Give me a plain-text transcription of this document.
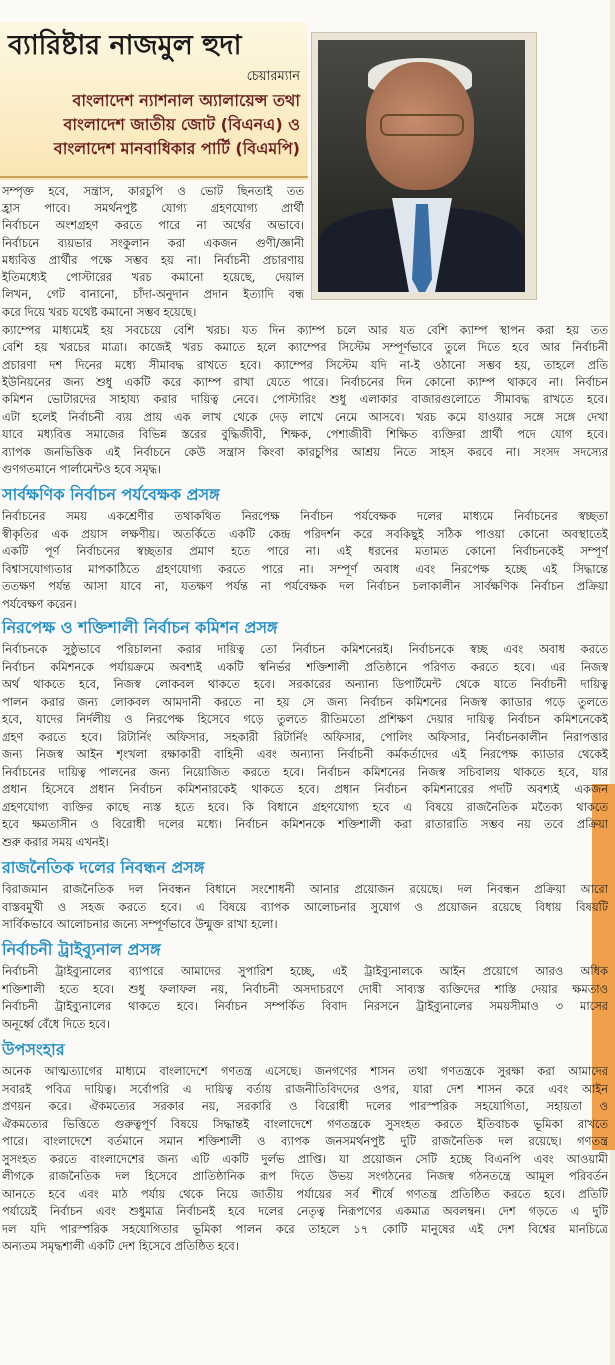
ব্যারিষ্টার নাজমুল হুদা
চেয়ারম্যান
বাংলাদেশ ন্যাশনাল অ্যালায়েন্স তথা
বাংলাদেশ জাতীয় জোট (বিএনএ) ও
বাংলাদেশ মানবাধিকার পার্টি (বিএমপি)
সম্পৃক্ত হবে, সন্ত্রাস, কারচুপি ও ভোট ছিনতাই তত
হ্রাস পাবে। সমর্থনপুষ্ট যোগ্য গ্রহণযোগ্য প্রার্থী
নির্বাচনে অংশগ্রহণ করতে পারে না অর্থের অভাবে।
নির্বাচনে ব্যয়ভার সংকুলান করা একজন গুণী/জ্ঞানী
মধ্যবিত্ত প্রার্থীর পক্ষে সম্ভব হয় না। নির্বাচনী প্রচারণায়
ইতিমধ্যেই পোস্টারের খরচ কমানো হয়েছে, দেয়াল
লিখন, গেট বানানো, চাঁদা-অনুদান প্রদান ইত্যাদি বন্ধ
করে দিয়ে খরচ যথেষ্ট কমানো সম্ভব হয়েছে।
ক্যাম্পের মাধ্যমেই হয় সবচেয়ে বেশি খরচ। যত দিন ক্যাম্প চলে আর যত বেশি ক্যাম্প স্থাপন করা হয় তত
বেশি হয় খরচের মাত্রা। কাজেই খরচ কমাতে হলে ক্যাম্পের সিস্টেম সম্পূর্ণভাবে তুলে দিতে হবে আর নির্বাচনী
প্রচারণা দশ দিনের মধ্যে সীমাবদ্ধ রাখতে হবে। ক্যাম্পের সিস্টেম যদি না-ই ওঠানো সম্ভব হয়, তাহলে প্রতি
ইউনিয়নের জন্য শুধু একটি করে ক্যাম্প রাখা যেতে পারে। নির্বাচনের দিন কোনো ক্যাম্প থাকবে না। নির্বাচন
কমিশন ভোটারদের সাহায্য করার দায়িত্ব নেবে। পোস্টারিং শুধু এলাকার বাজারগুলোতে সীমাবদ্ধ রাখতে হবে।
এটা হলেই নির্বাচনী ব্যয় প্রায় এক লাখ থেকে দেড় লাখে নেমে আসবে। খরচ কমে যাওয়ার সঙ্গে সঙ্গে দেখা
যাবে মধ্যবিত্ত সমাজের বিভিন্ন স্তরের বুদ্ধিজীবী, শিক্ষক, পেশাজীবী শিক্ষিত ব্যক্তিরা প্রার্থী পদে যোগ হবে।
ব্যাপক জনভিত্তিক এই নির্বাচনে কেউ সন্ত্রাস কিংবা কারচুপির আশ্রয় নিতে সাহস করবে না। সংসদ সদস্যের
গুণগতমানে পার্লামেন্টও হবে সমৃদ্ধ।
সার্বক্ষণিক নির্বাচন পর্যবেক্ষক প্রসঙ্গ
নির্বাচনের সময় একশ্রেণীর তথাকথিত নিরপেক্ষ নির্বাচন পর্যবেক্ষক দলের মাধ্যমে নির্বাচনের স্বচ্ছতা
স্বীকৃতির এক প্রয়াস লক্ষণীয়। অতর্কিতে একটি কেন্দ্র পরিদর্শন করে সবকিছুই সঠিক পাওয়া কোনো অবস্থাতেই
একটি পূর্ণ নির্বাচনের স্বচ্ছতার প্রমাণ হতে পারে না। এই ধরনের মতামত কোনো নির্বাচনকেই সম্পূর্ণ
বিশ্বাসযোগ্যতার মাপকাঠিতে গ্রহণযোগ্য করতে পারে না। সম্পূর্ণ অবাধ এবং নিরপেক্ষ হচ্ছে এই সিদ্ধান্তে
ততক্ষণ পর্যন্ত আসা যাবে না, যতক্ষণ পর্যন্ত না পর্যবেক্ষক দল নির্বাচন চলাকালীন সার্বক্ষণিক নির্বাচন প্রক্রিয়া
পর্যবেক্ষণ করেন।
নিরপেক্ষ ও শক্তিশালী নির্বাচন কমিশন প্রসঙ্গ
নির্বাচনকে সুষ্ঠুভাবে পরিচালনা করার দায়িত্ব তো নির্বাচন কমিশনেরই। নির্বাচনকে স্বচ্ছ এবং অবাধ করতে
নির্বাচন কমিশনকে পর্যায়ক্রমে অবশ্যই একটি স্বনির্ভর শক্তিশালী প্রতিষ্ঠানে পরিণত করতে হবে। এর নিজস্ব
অর্থ থাকতে হবে, নিজস্ব লোকবল থাকতে হবে। সরকারের অন্যান্য ডিপার্টমেন্ট থেকে যাতে নির্বাচনী দায়িত্ব
পালন করার জন্য লোকবল আমদানী করতে না হয় সে জন্য নির্বাচন কমিশনের নিজস্ব ক্যাডার গড়ে তুলতে
হবে, যাদের নির্দলীয় ও নিরপেক্ষ হিসেবে গড়ে তুলতে রীতিমতো প্রশিক্ষণ দেয়ার দায়িত্ব নির্বাচন কমিশনেকেই
গ্রহণ করতে হবে। রিটার্নিং অফিসার, সহকারী রিটার্নিং অফিসার, পোলিং অফিসার, নির্বাচনকালীন নিরাপত্তার
জন্য নিজস্ব আইন শৃংখলা রক্ষাকারী বাহিনী এবং অন্যান্য নির্বাচনী কর্মকর্তাদের এই নিরপেক্ষ ক্যাডার থেকেই
নির্বাচনের দায়িত্ব পালনের জন্য নিয়োজিত করতে হবে। নির্বাচন কমিশনের নিজস্ব সচিবালয় থাকতে হবে, যার
প্রধান হিসেবে প্রধান নির্বাচন কমিশনারকেই থাকতে হবে। প্রধান নির্বাচন কমিশনারের পদটি অবশ্যই একজন
গ্রহণযোগ্য ব্যক্তির কাছে ন্যস্ত হতে হবে। কি বিধানে গ্রহণযোগ্য হবে এ বিষয়ে রাজনৈতিক মতৈক্য থাকতে
হবে ক্ষমতাসীন ও বিরোধী দলের মধ্যে। নির্বাচন কমিশনকে শক্তিশালী করা রাতারাতি সম্ভব নয় তবে প্রক্রিয়া
শুরু করার সময় এখনই।
রাজনৈতিক দলের নিবন্ধন প্রসঙ্গ
বিরাজমান রাজনৈতিক দল নিবন্ধন বিধানে সংশোধনী আনার প্রয়োজন রয়েছে। দল নিবন্ধন প্রক্রিয়া আরো
বাস্তবমুখী ও সহজ করতে হবে। এ বিষয়ে ব্যাপক আলোচনার সুযোগ ও প্রয়োজন রয়েছে বিধায় বিষয়টি
সার্বিকভাবে আলোচনার জন্যে সম্পূর্ণভাবে উন্মুক্ত রাখা হলো।
নির্বাচনী ট্রাইব্যুনাল প্রসঙ্গ
নির্বাচনী ট্রাইব্যুনালের ব্যাপারে আমাদের সুপারিশ হচ্ছে, এই ট্রাইব্যুনালকে আইন প্রয়োগে আরও অধিক
শক্তিশালী হতে হবে। শুধু ফলাফল নয়, নির্বাচনী অসদাচরণে দোষী সাব্যস্ত ব্যক্তিদের শাস্তি দেয়ার ক্ষমতাও
নির্বাচনী ট্রাইব্যুনালের থাকতে হবে। নির্বাচন সম্পর্কিত বিবাদ নিরসনে ট্রাইব্যুনালের সময়সীমাও ৩ মাসের
অনূর্ধ্বে বেঁধে দিতে হবে।
উপসংহার
অনেক আত্মত্যাগের মাধ্যমে বাংলাদেশে গণতন্ত্র এসেছে। জনগণের শাসন তথা গণতন্ত্রকে সুরক্ষা করা আমাদের
সবারই পবিত্র দায়িত্ব। সর্বোপরি এ দায়িত্ব বর্তায় রাজনীতিবিদদের ওপর, যারা দেশ শাসন করে এবং আইন
প্রণয়ন করে। ঐকমত্যের সরকার নয়, সরকারি ও বিরোধী দলের পারস্পরিক সহযোগিতা, সহায়তা ও
ঐকমত্যের ভিত্তিতে গুরুত্বপূর্ণ বিষয়ে সিদ্ধান্তই বাংলাদেশে গণতন্ত্রকে সুসংহত করতে ইতিবাচক ভূমিকা রাখতে
পারে। বাংলাদেশে বর্তমানে সমান শক্তিশালী ও ব্যাপক জনসমর্থনপুষ্ট দুটি রাজনৈতিক দল রয়েছে। গণতন্ত্র
সুসংহত করতে বাংলাদেশের জন্য এটি একটি দুর্লভ প্রাপ্তি। যা প্রয়োজন সেটি হচ্ছে বিএনপি এবং আওয়ামী
লীগকে রাজনৈতিক দল হিসেবে প্রাতিষ্ঠানিক রূপ দিতে উভয় সংগঠনের নিজস্ব গঠনতন্ত্রে আমূল পরিবর্তন
আনতে হবে এবং মাঠ পর্যায় থেকে নিয়ে জাতীয় পর্যায়ের সর্ব শীর্ষে গণতন্ত্র প্রতিষ্ঠিত করতে হবে। প্রতিটি
পর্যায়েই নির্বাচন এবং শুধুমাত্র নির্বাচনই হবে দলের নেতৃত্ব নিরূপণের একমাত্র অবলম্বন। দেশ গড়তে এ দুটি
দল যদি পারস্পরিক সহযোগিতার ভূমিকা পালন করে তাহলে ১৭ কোটি মানুষের এই দেশ বিশ্বের মানচিত্রে
অন্যতম সমৃদ্ধশালী একটি দেশ হিসেবে প্রতিষ্ঠিত হবে।
